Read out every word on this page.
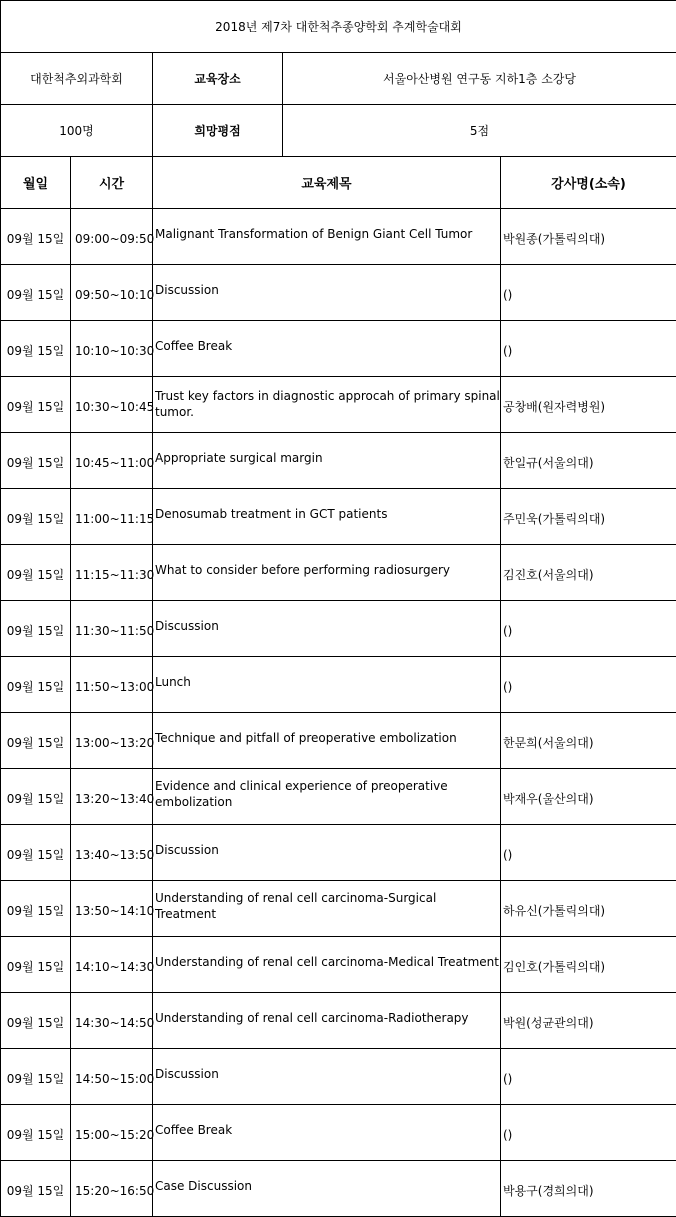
2018년 제7차 대한척추종양학회 추계학술대회				
대한척추외과학회		교육장소	서울아산병원 연구동 지하1층 소강당	
100명		희망평점	5점	
월일	시간	교육제목		강사명(소속)
09월 15일	09:00~09:50	Malignant Transformation of Benign Giant Cell Tumor		박원종(가톨릭의대)
09월 15일	09:50~10:10	Discussion		()
09월 15일	10:10~10:30	Coffee Break		()
09월 15일	10:30~10:45	Trust key factors in diagnostic approcah of primary spinal tumor.		공창배(원자력병원)
09월 15일	10:45~11:00	Appropriate surgical margin		한일규(서울의대)
09월 15일	11:00~11:15	Denosumab treatment in GCT patients		주민욱(가톨릭의대)
09월 15일	11:15~11:30	What to consider before performing radiosurgery		김진호(서울의대)
09월 15일	11:30~11:50	Discussion		()
09월 15일	11:50~13:00	Lunch		()
09월 15일	13:00~13:20	Technique and pitfall of preoperative embolization		한문희(서울의대)
09월 15일	13:20~13:40	Evidence and clinical experience of preoperative embolization		박재우(울산의대)
09월 15일	13:40~13:50	Discussion		()
09월 15일	13:50~14:10	Understanding of renal cell carcinoma-Surgical Treatment		하유신(가톨릭의대)
09월 15일	14:10~14:30	Understanding of renal cell carcinoma-Medical Treatment		김인호(가톨릭의대)
09월 15일	14:30~14:50	Understanding of renal cell carcinoma-Radiotherapy		박원(성균관의대)
09월 15일	14:50~15:00	Discussion		()
09월 15일	15:00~15:20	Coffee Break		()
09월 15일	15:20~16:50	Case Discussion		박용구(경희의대)
